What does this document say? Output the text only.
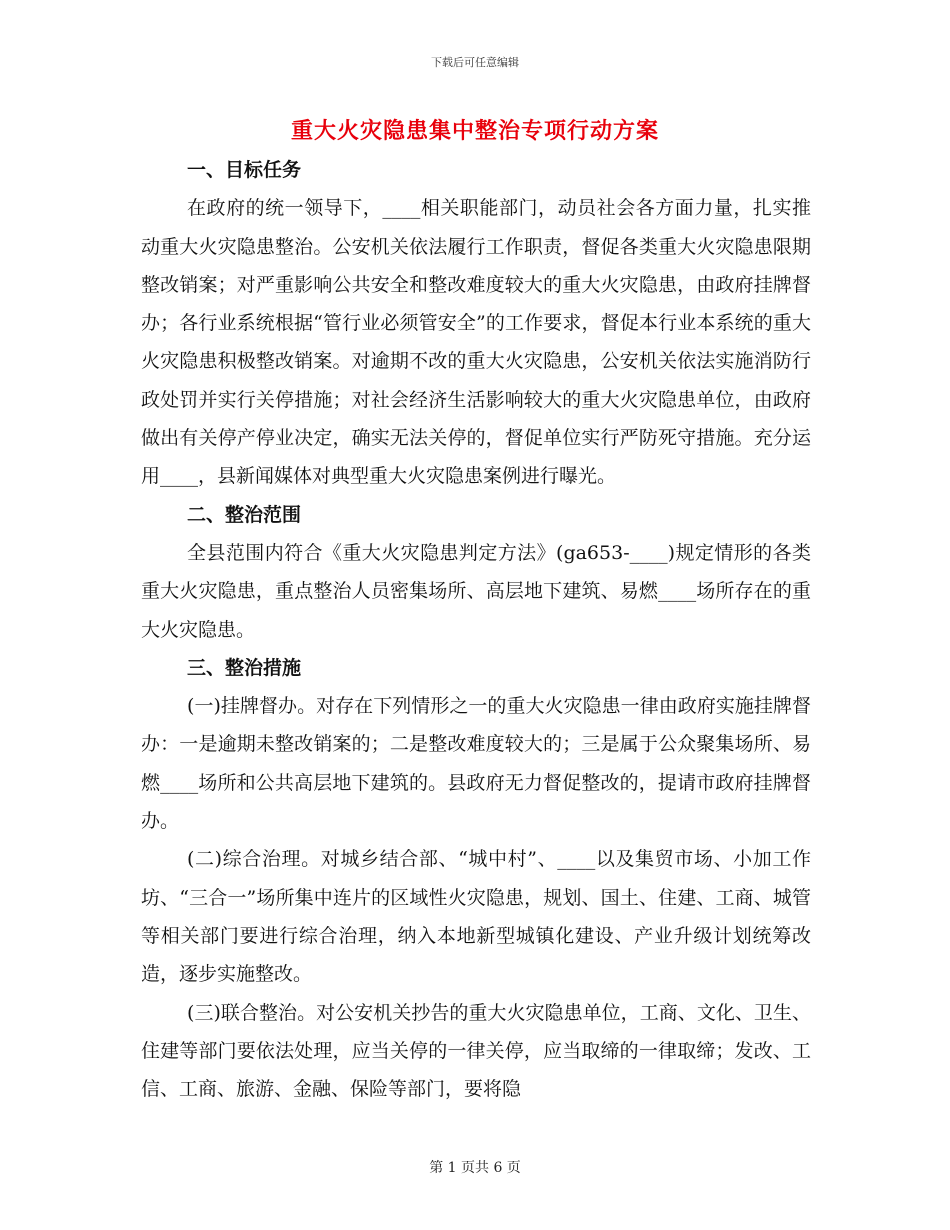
下载后可任意编辑
重大火灾隐患集中整治专项行动方案
一、目标任务
在政府的统一领导下，____相关职能部门，动员社会各方面力量，扎实推动重大火灾隐患整治。公安机关依法履行工作职责，督促各类重大火灾隐患限期整改销案；对严重影响公共安全和整改难度较大的重大火灾隐患，由政府挂牌督办；各行业系统根据“管行业必须管安全”的工作要求，督促本行业本系统的重大火灾隐患积极整改销案。对逾期不改的重大火灾隐患，公安机关依法实施消防行政处罚并实行关停措施；对社会经济生活影响较大的重大火灾隐患单位，由政府做出有关停产停业决定，确实无法关停的，督促单位实行严防死守措施。充分运用____，县新闻媒体对典型重大火灾隐患案例进行曝光。
二、整治范围
全县范围内符合《重大火灾隐患判定方法》(ga653-____)规定情形的各类重大火灾隐患，重点整治人员密集场所、高层地下建筑、易燃____场所存在的重大火灾隐患。
三、整治措施
(一)挂牌督办。对存在下列情形之一的重大火灾隐患一律由政府实施挂牌督办：一是逾期未整改销案的；二是整改难度较大的；三是属于公众聚集场所、易燃____场所和公共高层地下建筑的。县政府无力督促整改的，提请市政府挂牌督办。
(二)综合治理。对城乡结合部、“城中村”、____以及集贸市场、小加工作坊、“三合一”场所集中连片的区域性火灾隐患，规划、国土、住建、工商、城管等相关部门要进行综合治理，纳入本地新型城镇化建设、产业升级计划统筹改造，逐步实施整改。
(三)联合整治。对公安机关抄告的重大火灾隐患单位，工商、文化、卫生、住建等部门要依法处理，应当关停的一律关停，应当取缔的一律取缔；发改、工信、工商、旅游、金融、保险等部门，要将隐
第 1 页共 6 页
